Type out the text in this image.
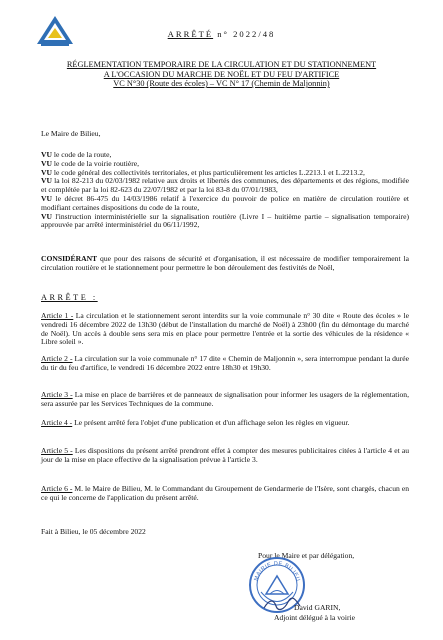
ARRÊTÉ n° 2022/48
RÉGLEMENTATION TEMPORAIRE DE LA CIRCULATION ET DU STATIONNEMENT
A L'OCCASION DU MARCHE DE NOËL ET DU FEU D'ARTIFICE
VC N°30 (Route des écoles) – VC N° 17 (Chemin de Maljonnin)

Le Maire de Bilieu,

VU le code de la route,

VU le code de la voirie routière,

VU le code général des collectivités territoriales, et plus particulièrement les articles L.2213.1 et L.2213.2,

VU la loi 82-213 du 02/03/1982 relative aux droits et libertés des communes, des départements et des régions, modifiée et complétée par la loi 82-623 du 22/07/1982 et par la loi 83-8 du 07/01/1983,

VU le décret 86-475 du 14/03/1986 relatif à l'exercice du pouvoir de police en matière de circulation routière et modifiant certaines dispositions du code de la route,

VU l'instruction interministérielle sur la signalisation routière (Livre I – huitième partie – signalisation temporaire) approuvée par arrêté interministériel du 06/11/1992,

CONSIDÉRANT que pour des raisons de sécurité et d'organisation, il est nécessaire de modifier temporairement la circulation routière et le stationnement pour permettre le bon déroulement des festivités de Noël,

ARRÊTE :

Article 1 - La circulation et le stationnement seront interdits sur la voie communale n° 30 dite « Route des écoles » le vendredi 16 décembre 2022 de 13h30 (début de l'installation du marché de Noël) à 23h00 (fin du démontage du marché de Noël). Un accès à double sens sera mis en place pour permettre l'entrée et la sortie des véhicules de la résidence « Libre soleil ».

Article 2 - La circulation sur la voie communale n° 17 dite « Chemin de Maljonnin », sera interrompue pendant la durée du tir du feu d'artifice, le vendredi 16 décembre 2022 entre 18h30 et 19h30.

Article 3 - La mise en place de barrières et de panneaux de signalisation pour informer les usagers de la réglementation, sera assurée par les Services Techniques de la commune.

Article 4 - Le présent arrêté fera l'objet d'une publication et d'un affichage selon les règles en vigueur.

Article 5 - Les dispositions du présent arrêté prendront effet à compter des mesures publicitaires citées à l'article 4 et au jour de la mise en place effective de la signalisation prévue à l'article 3.

Article 6 - M. le Maire de Bilieu, M. le Commandant du Groupement de Gendarmerie de l'Isère, sont chargés, chacun en ce qui le concerne de l'application du présent arrêté.

Fait à Bilieu, le 05 décembre 2022

Pour le Maire et par délégation,
MAIRIE DE BILIEU
David GARIN,
Adjoint délégué à la voirie
